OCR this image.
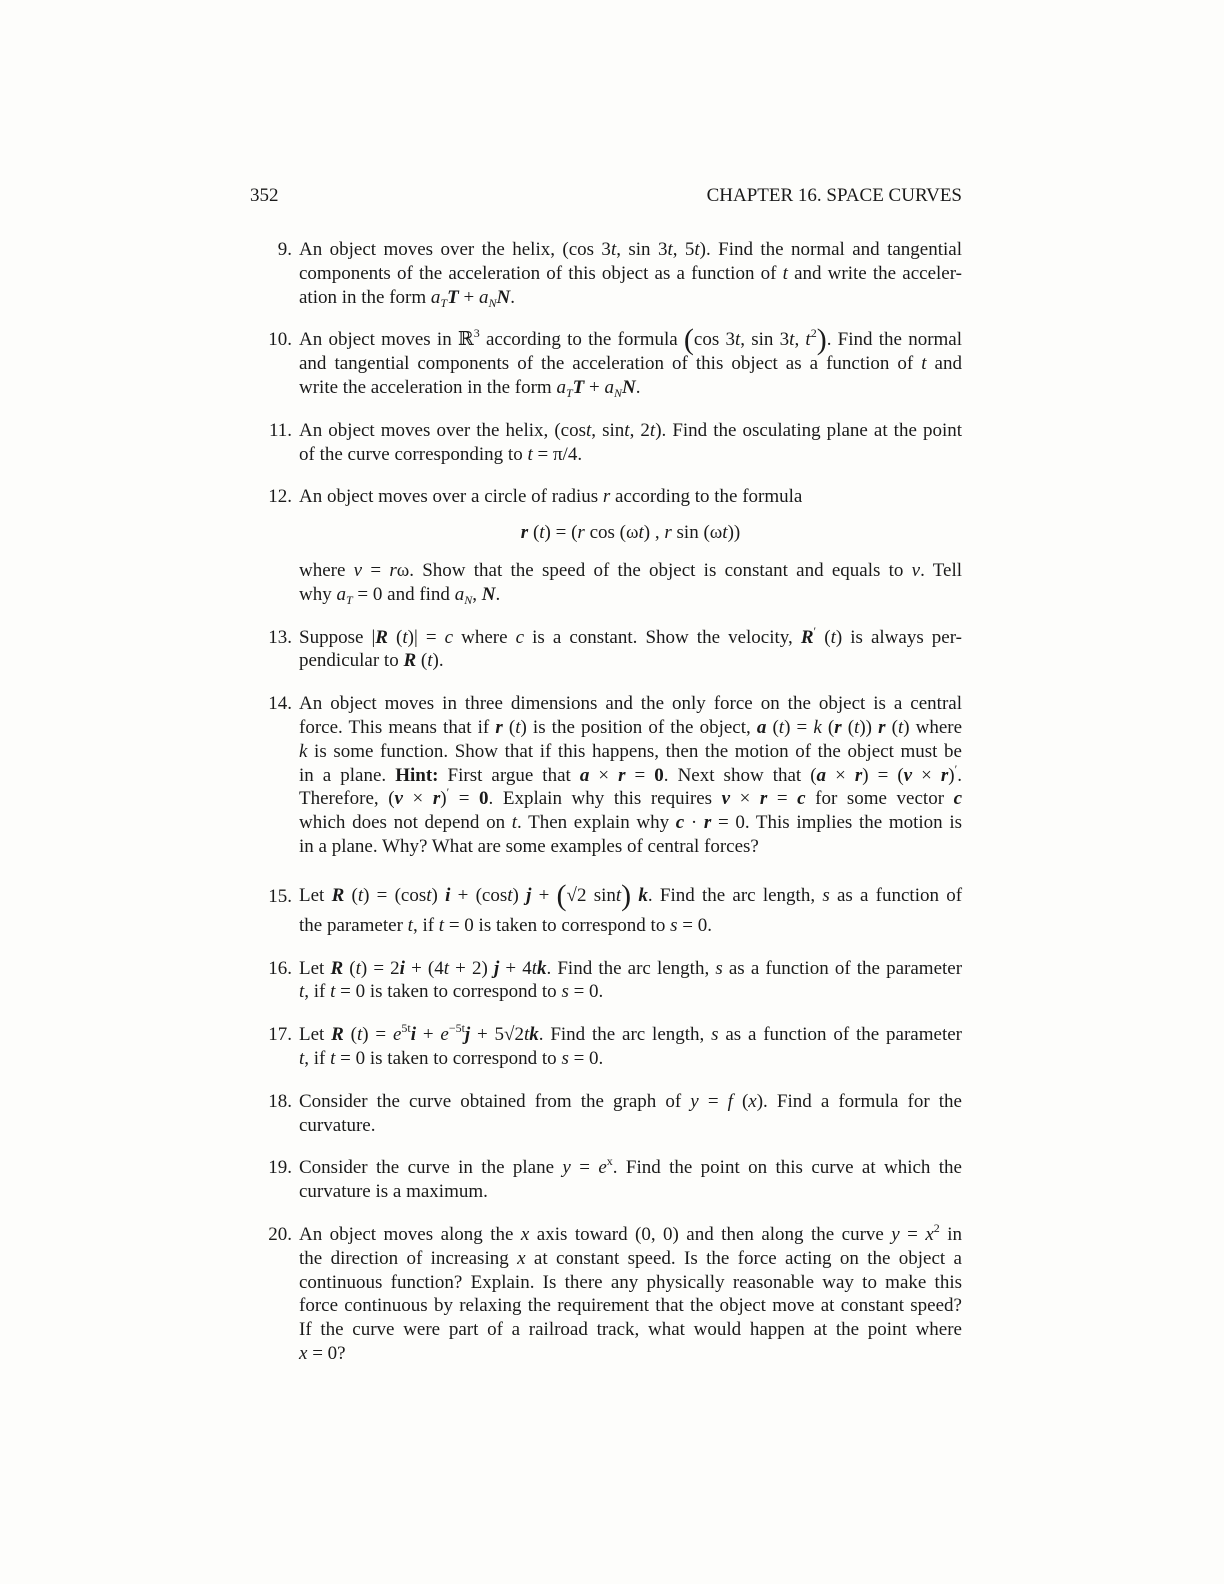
352	CHAPTER 16. SPACE CURVES
9. An object moves over the helix, (cos 3t, sin 3t, 5t). Find the normal and tangential
components of the acceleration of this object as a function of t and write the acceler-
ation in the form $a_TT + a_NN$.
10. An object moves in ℝ$^3$ according to the formula (cos 3t, sin 3t, $t^2$). Find the normal
and tangential components of the acceleration of this object as a function of t and
write the acceleration in the form $a_TT + a_NN$.
11. An object moves over the helix, (cost, sint, 2t). Find the osculating plane at the point
of the curve corresponding to t = π/4.
12. An object moves over a circle of radius r according to the formula
r (t) = (r cos (ωt) , r sin (ωt))
where v = rω. Show that the speed of the object is constant and equals to v. Tell
why $a_T = 0$ and find $a_N$, N.
13. Suppose |R (t)| = c where c is a constant. Show the velocity, R′ (t) is always per-
pendicular to R (t).
14. An object moves in three dimensions and the only force on the object is a central
force. This means that if r (t) is the position of the object, a (t) = k (r (t)) r (t) where
k is some function. Show that if this happens, then the motion of the object must be
in a plane. Hint: First argue that a × r = 0. Next show that (a × r) = (v × r)′.
Therefore, (v × r)′ = 0. Explain why this requires v × r = c for some vector c
which does not depend on t. Then explain why c · r = 0. This implies the motion is
in a plane. Why? What are some examples of central forces?
15. Let R (t) = (cost) i + (cost) j + (√2 sint) k. Find the arc length, s as a function of
the parameter t, if t = 0 is taken to correspond to s = 0.
16. Let R (t) = 2i + (4t + 2) j + 4tk. Find the arc length, s as a function of the parameter
t, if t = 0 is taken to correspond to s = 0.
17. Let R $(t) = e^{5t}i + e^{-5t}j + 5√2tk$. Find the arc length, s as a function of the parameter
t, if t = 0 is taken to correspond to s = 0.
18. Consider the curve obtained from the graph of y = f (x). Find a formula for the
curvature.
19. Consider the curve in the plane $y = e^x$. Find the point on this curve at which the
curvature is a maximum.
20. An object moves along the x axis toward (0, 0) and then along the curve $y = x^2$ in
the direction of increasing x at constant speed. Is the force acting on the object a
continuous function? Explain. Is there any physically reasonable way to make this
force continuous by relaxing the requirement that the object move at constant speed?
If the curve were part of a railroad track, what would happen at the point where
x = 0?
